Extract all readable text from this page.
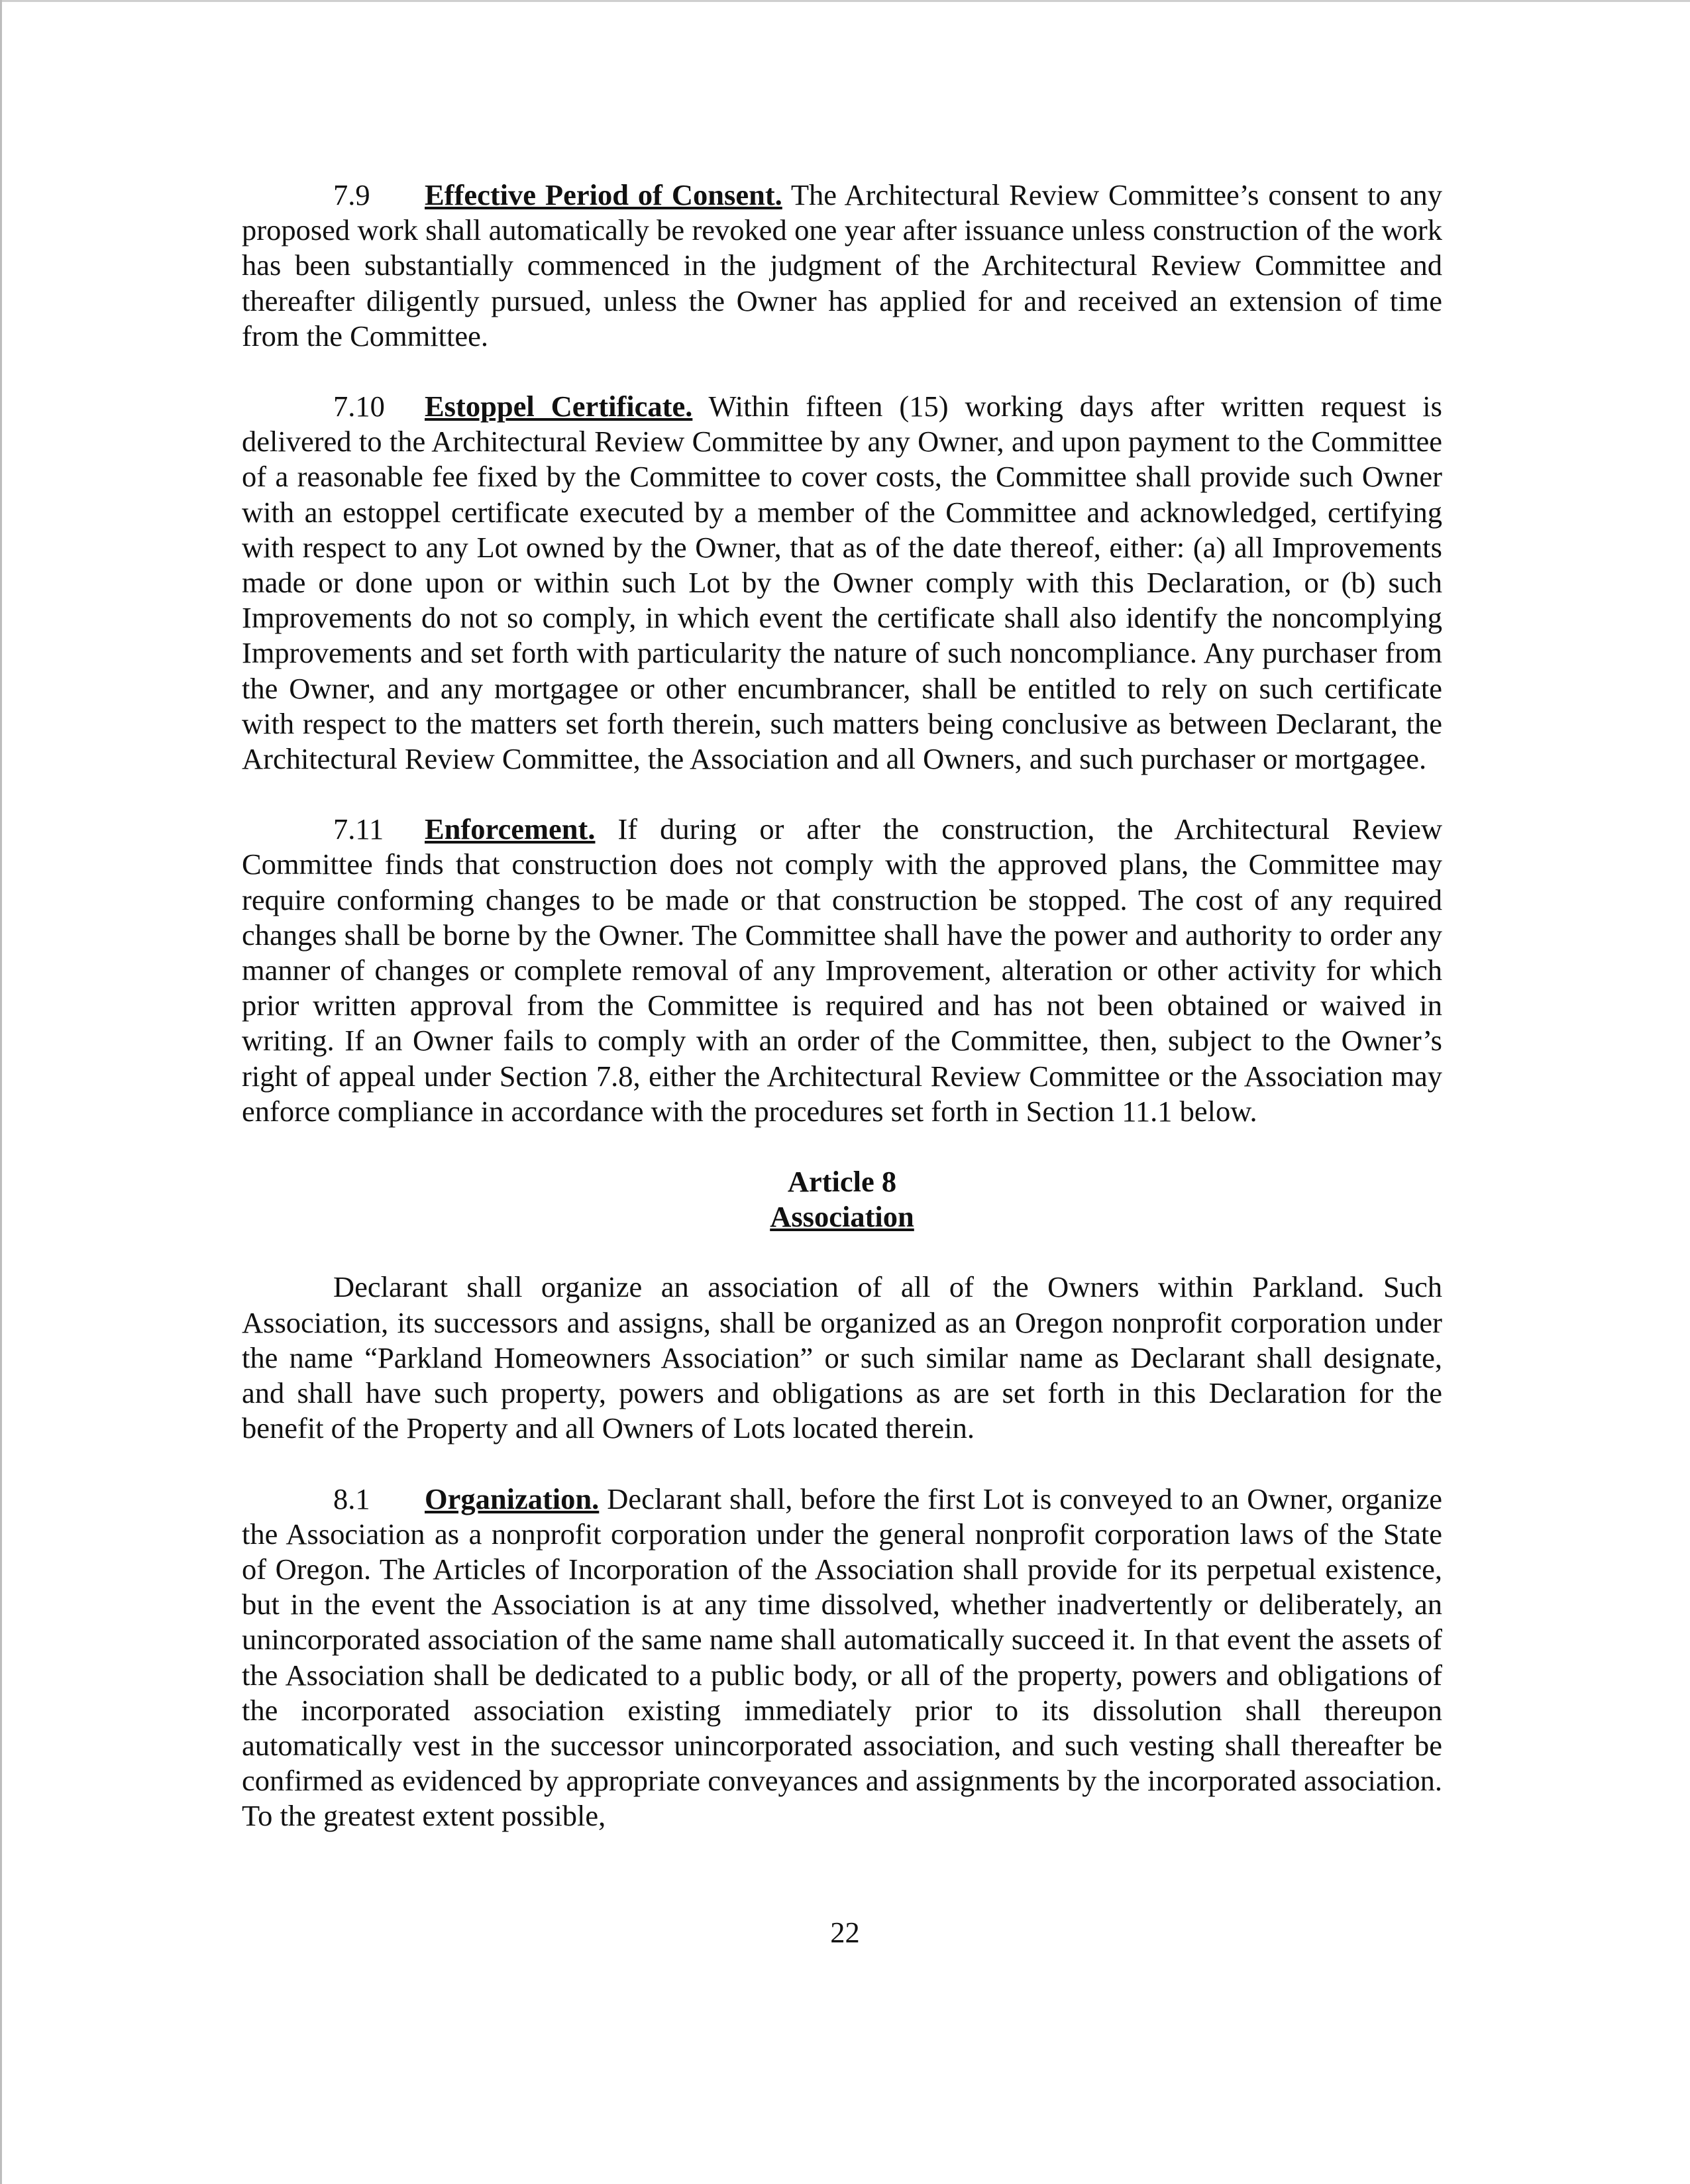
7.9 Effective Period of Consent. The Architectural Review Committee’s consent to any proposed work shall automatically be revoked one year after issuance unless construction of the work has been substantially commenced in the judgment of the Architectural Review Committee and thereafter diligently pursued, unless the Owner has applied for and received an extension of time from the Committee.

7.10 Estoppel Certificate. Within fifteen (15) working days after written request is delivered to the Architectural Review Committee by any Owner, and upon payment to the Committee of a reasonable fee fixed by the Committee to cover costs, the Committee shall provide such Owner with an estoppel certificate executed by a member of the Committee and acknowledged, certifying with respect to any Lot owned by the Owner, that as of the date thereof, either: (a) all Improvements made or done upon or within such Lot by the Owner comply with this Declaration, or (b) such Improvements do not so comply, in which event the certificate shall also identify the noncomplying Improvements and set forth with particularity the nature of such noncompliance. Any purchaser from the Owner, and any mortgagee or other encumbrancer, shall be entitled to rely on such certificate with respect to the matters set forth therein, such matters being conclusive as between Declarant, the Architectural Review Committee, the Association and all Owners, and such purchaser or mortgagee.

7.11 Enforcement. If during or after the construction, the Architectural Review Committee finds that construction does not comply with the approved plans, the Committee may require conforming changes to be made or that construction be stopped. The cost of any required changes shall be borne by the Owner. The Committee shall have the power and authority to order any manner of changes or complete removal of any Improvement, alteration or other activity for which prior written approval from the Committee is required and has not been obtained or waived in writing. If an Owner fails to comply with an order of the Committee, then, subject to the Owner’s right of appeal under Section 7.8, either the Architectural Review Committee or the Association may enforce compliance in accordance with the procedures set forth in Section 11.1 below.

Article 8
Association

Declarant shall organize an association of all of the Owners within Parkland. Such Association, its successors and assigns, shall be organized as an Oregon nonprofit corporation under the name “Parkland Homeowners Association” or such similar name as Declarant shall designate, and shall have such property, powers and obligations as are set forth in this Declaration for the benefit of the Property and all Owners of Lots located therein.

8.1 Organization. Declarant shall, before the first Lot is conveyed to an Owner, organize the Association as a nonprofit corporation under the general nonprofit corporation laws of the State of Oregon. The Articles of Incorporation of the Association shall provide for its perpetual existence, but in the event the Association is at any time dissolved, whether inadvertently or deliberately, an unincorporated association of the same name shall automatically succeed it. In that event the assets of the Association shall be dedicated to a public body, or all of the property, powers and obligations of the incorporated association existing immediately prior to its dissolution shall thereupon automatically vest in the successor unincorporated association, and such vesting shall thereafter be confirmed as evidenced by appropriate conveyances and assignments by the incorporated association. To the greatest extent possible,

22
